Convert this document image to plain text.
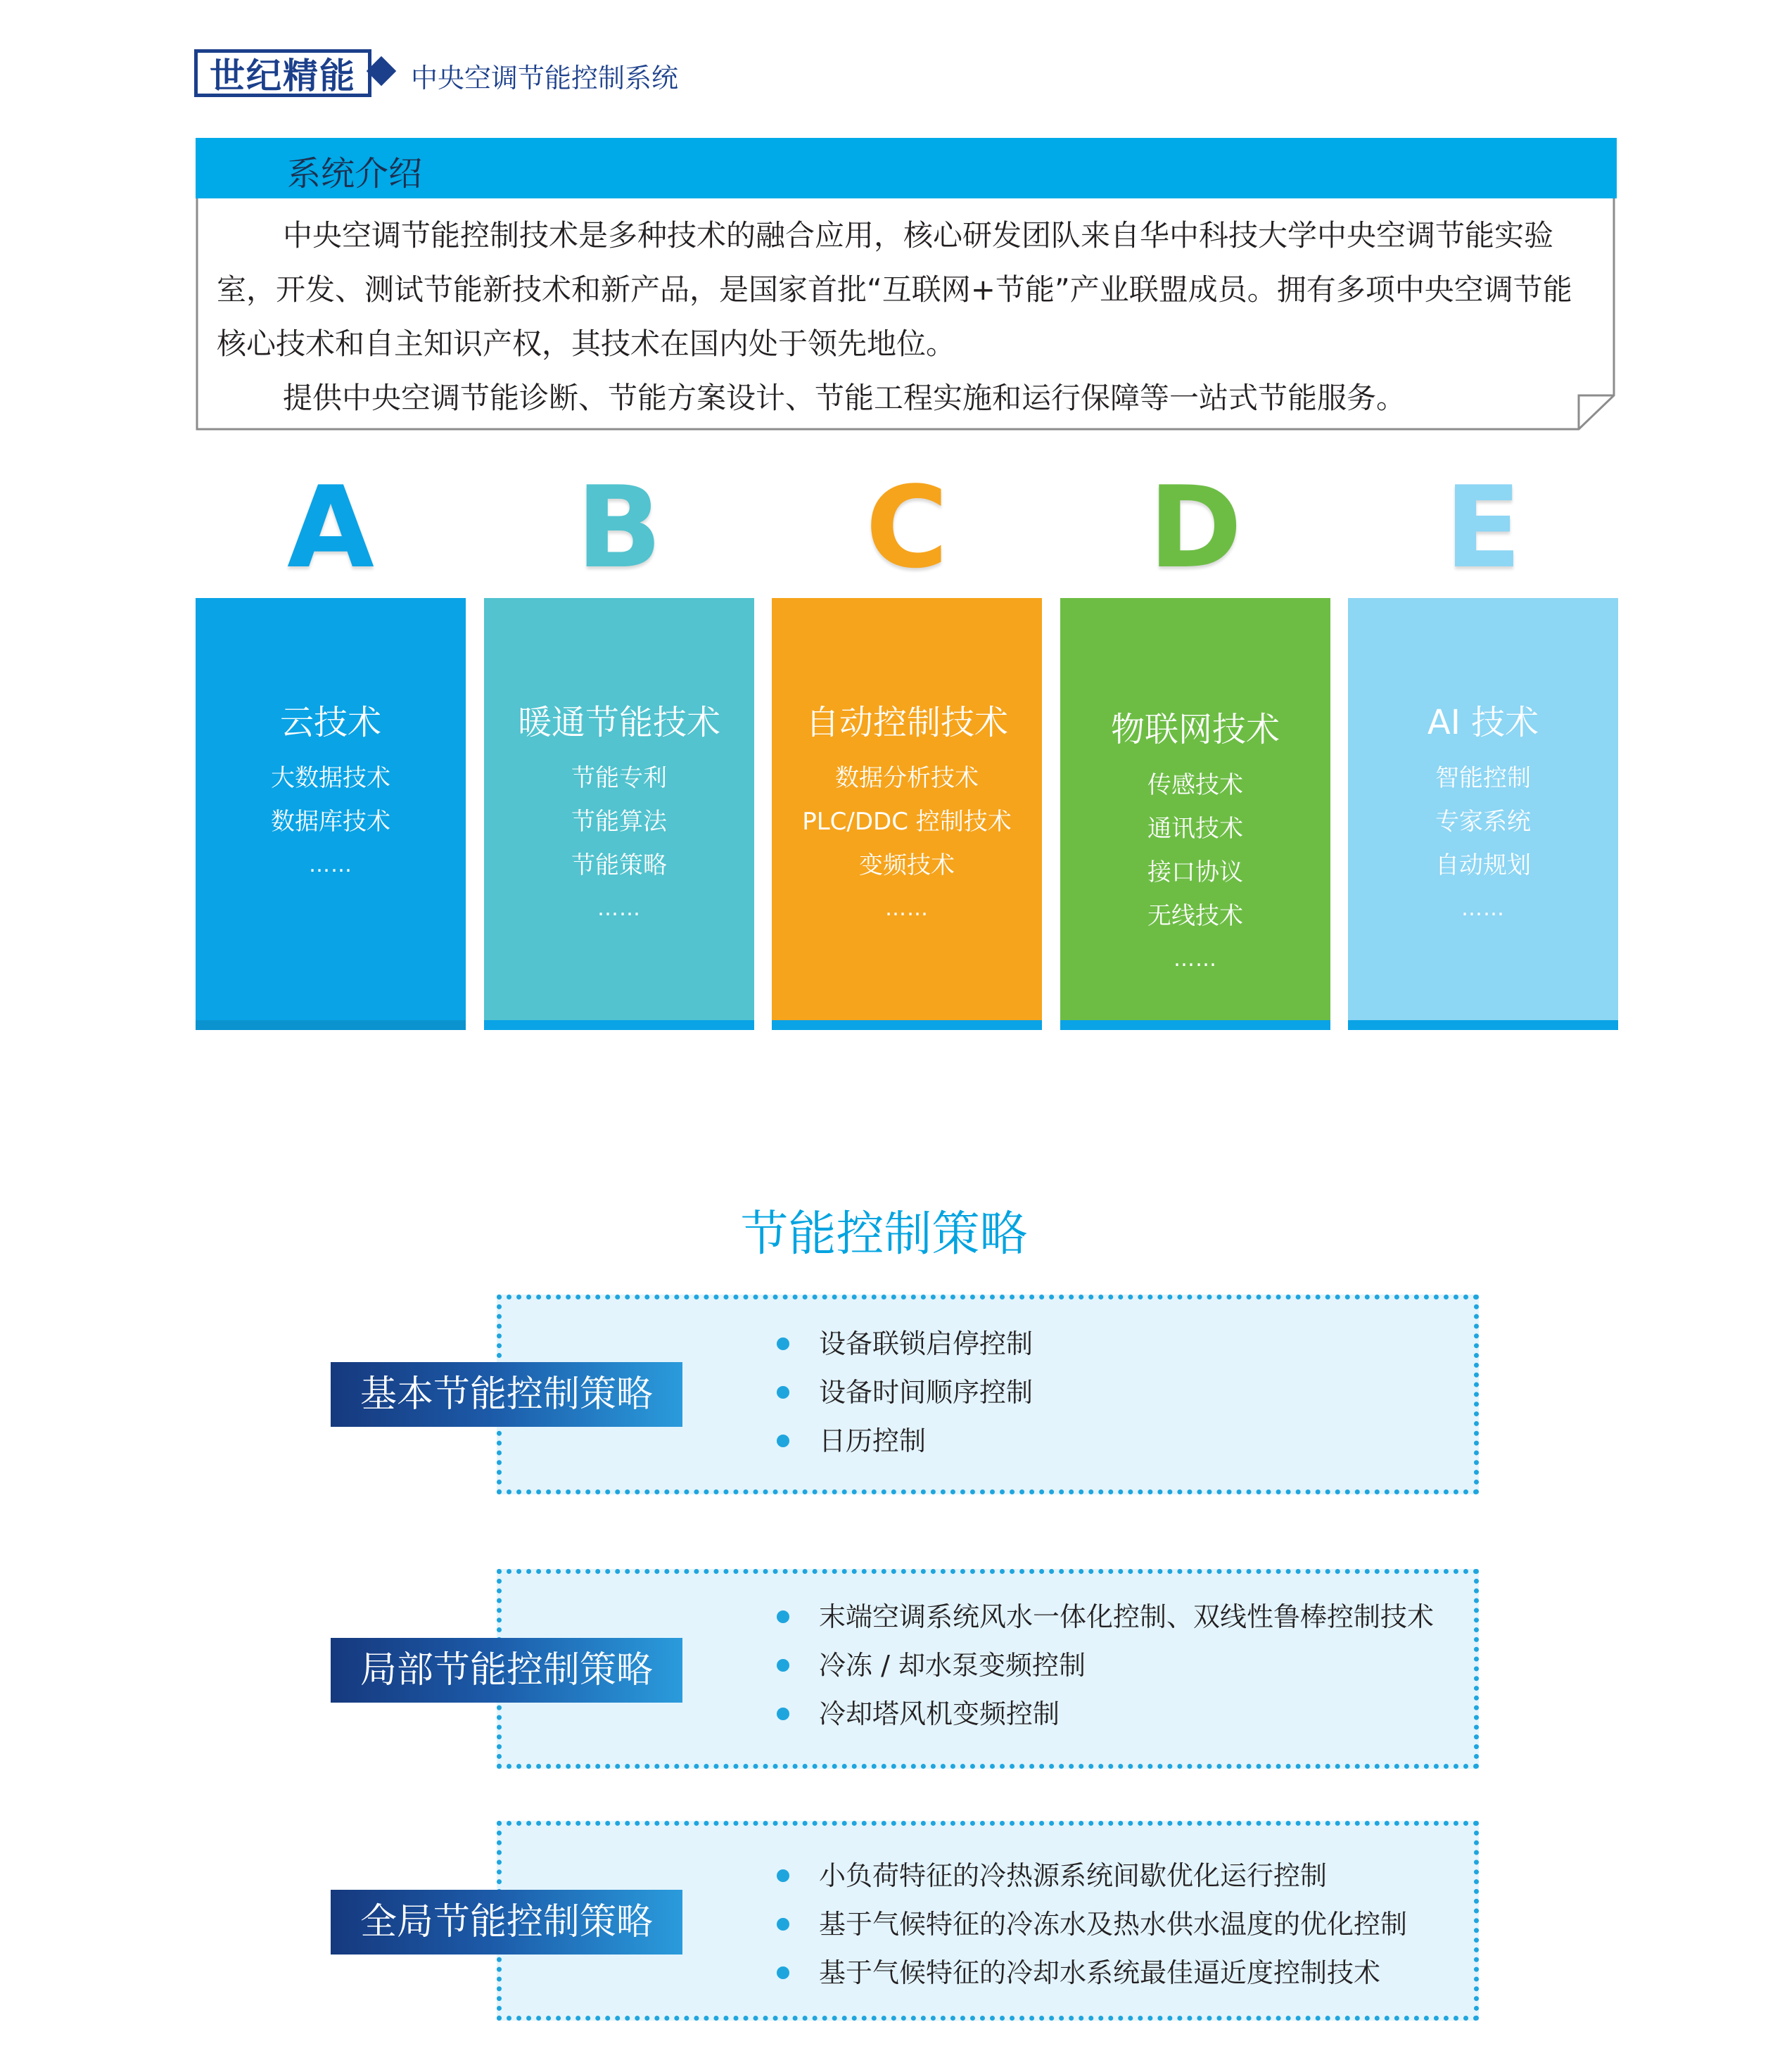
世纪精能 中央空调节能控制系统
系统介绍

中央空调节能控制技术是多种技术的融合应用，核心研发团队来自华中科技大学中央空调节能实验室，开发、测试节能新技术和新产品，是国家首批“互联网+节能”产业联盟成员。拥有多项中央空调节能核心技术和自主知识产权，其技术在国内处于领先地位。

提供中央空调节能诊断、节能方案设计、节能工程实施和运行保障等一站式节能服务。

A	B	C	D	E
云技术
大数据技术
数据库技术
……
暖通节能技术
节能专利
节能算法
节能策略
……
自动控制技术
数据分析技术
PLC/DDC 控制技术
变频技术
……
物联网技术
传感技术
通讯技术
接口协议
无线技术
……
AI 技术
智能控制
专家系统
自动规划
……
节能控制策略
基本节能控制策略
设备联锁启停控制
设备时间顺序控制
日历控制
局部节能控制策略
末端空调系统风水一体化控制、双线性鲁棒控制技术
冷冻 / 却水泵变频控制
冷却塔风机变频控制
全局节能控制策略
小负荷特征的冷热源系统间歇优化运行控制
基于气候特征的冷冻水及热水供水温度的优化控制
基于气候特征的冷却水系统最佳逼近度控制技术
